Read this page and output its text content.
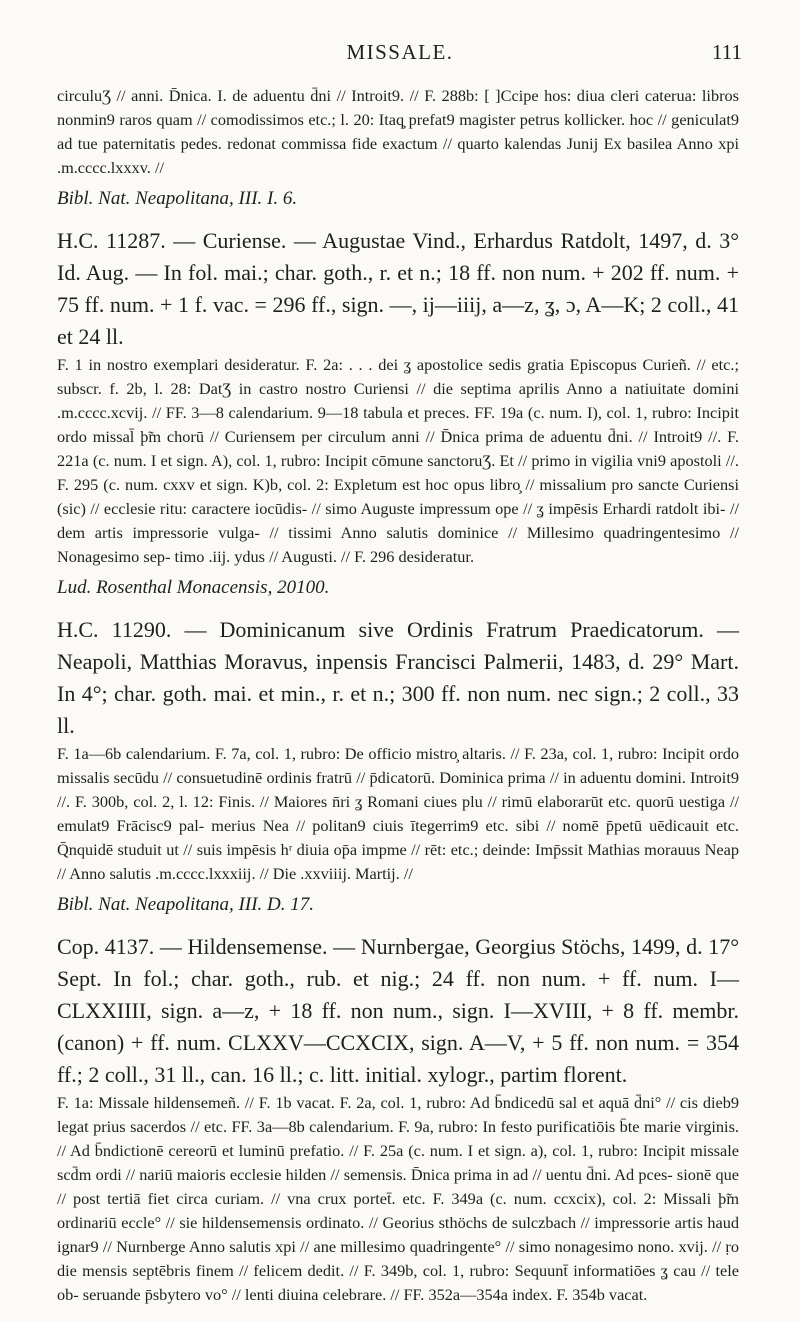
MISSALE.	111

circuluƷ // anni. D̄nica. I. de aduentu d̄ni // Introit9. // F. 288b: [ ]Ccipe hos: diua cleri caterua: libros nonmin9 raros quam // comodissimos etc.; l. 20: Itaq̧ prefat9 magister petrus kollicker. hoc // geniculat9 ad tue paternitatis pedes. redonat commissa fide exactum // quarto kalendas Junij Ex basilea Anno xpi .m.cccc.lxxxv. //

Bibl. Nat. Neapolitana, III. I. 6.

H.C. 11287. — Curiense. — Augustae Vind., Erhardus Ratdolt, 1497, d. 3° Id. Aug. — In fol. mai.; char. goth., r. et n.; 18 ff. non num. + 202 ff. num. + 75 ff. num. + 1 f. vac. = 296 ff., sign. —, ij—iiij, a—z, ʓ, ɔ, A—K; 2 coll., 41 et 24 ll.

F. 1 in nostro exemplari desideratur. F. 2a: . . . dei ʓ apostolice sedis gratia Episcopus Curieñ. // etc.; subscr. f. 2b, l. 28: DatƷ in castro nostro Curiensi // die septima aprilis Anno a natiuitate domini .m.cccc.xcvij. // FF. 3—8 calendarium. 9—18 tabula et preces. FF. 19a (c. num. I), col. 1, rubro: Incipit ordo missal̄ þ̃m chorū // Curiensem per circulum anni // D̄nica prima de aduentu d̄ni. // Introit9 //. F. 221a (c. num. I et sign. A), col. 1, rubro: Incipit cōmune sanctoruƷ. Et // primo in vigilia vni9 apostoli //. F. 295 (c. num. cxxv et sign. K)b, col. 2: Expletum est hoc opus libro̧ // missalium pro sancte Curiensi (sic) // ecclesie ritu: caractere iocūdis- // simo Auguste impressum ope // ʓ impēsis Erhardi ratdolt ibi- // dem artis impressorie vulga- // tissimi Anno salutis dominice // Millesimo quadringentesimo // Nonagesimo sep- timo .iij. ydus // Augusti. // F. 296 desideratur.

Lud. Rosenthal Monacensis, 20100.

H.C. 11290. — Dominicanum sive Ordinis Fratrum Praedicatorum. — Neapoli, Matthias Moravus, inpensis Francisci Palmerii, 1483, d. 29° Mart. In 4°; char. goth. mai. et min., r. et n.; 300 ff. non num. nec sign.; 2 coll., 33 ll.

F. 1a—6b calendarium. F. 7a, col. 1, rubro: De officio mistro̧ altaris. // F. 23a, col. 1, rubro: Incipit ordo missalis secūdu // consuetudinē ordinis fratrū // p̄dicatorū. Dominica prima // in aduentu domini. Introit9 //. F. 300b, col. 2, l. 12: Finis. // Maiores n̄ri ʓ Romani ciues plu // rimū elaborarūt etc. quorū uestiga // emulat9 Frācisc9 pal- merius Nea // politan9 ciuis ītegerrim9 etc. sibi // nomē p̄petū uēdicauit etc. Q̄nquidē studuit ut // suis impēsis hʳ diuia op̄a impme // rēt: etc.; deinde: Imp̄ssit Mathias morauus Neap // Anno salutis .m.cccc.lxxxiij. // Die .xxviiij. Martij. //

Bibl. Nat. Neapolitana, III. D. 17.

Cop. 4137. — Hildensemense. — Nurnbergae, Georgius Stöchs, 1499, d. 17° Sept. In fol.; char. goth., rub. et nig.; 24 ff. non num. + ff. num. I—CLXXIIII, sign. a—z, + 18 ff. non num., sign. I—XVIII, + 8 ff. membr. (canon) + ff. num. CLXXV—CCXCIX, sign. A—V, + 5 ff. non num. = 354 ff.; 2 coll., 31 ll., can. 16 ll.; c. litt. initial. xylogr., partim florent.

F. 1a: Missale hildensemeñ. // F. 1b vacat. F. 2a, col. 1, rubro: Ad b̄ndicedū sal et aquā d̄ni° // cis dieb9 legat prius sacerdos // etc. FF. 3a—8b calendarium. F. 9a, rubro: In festo purificatiōis b̄te marie virginis. // Ad b̄ndictionē cereorū et luminū prefatio. // F. 25a (c. num. I et sign. a), col. 1, rubro: Incipit missale scd̄m ordi // nariū maioris ecclesie hilden // semensis. D̄nica prima in ad // uentu d̄ni. Ad pces- sionē que // post tertiā fiet circa curiam. // vna crux portet̄. etc. F. 349a (c. num. ccxcix), col. 2: Missali þ̃m ordinariū eccle° // sie hildensemensis ordinato. // Georius sthöchs de sulczbach // impressorie artis haud ignar9 // Nurnberge Anno salutis xpi // ane millesimo quadringente° // simo nonagesimo nono. xvij. // ṛo die mensis septēbris finem // felicem dedit. // F. 349b, col. 1, rubro: Sequunt̄ informatiōes ʓ cau // tele ob- seruande p̄sbytero vo° // lenti diuina celebrare. // FF. 352a—354a index. F. 354b vacat.
